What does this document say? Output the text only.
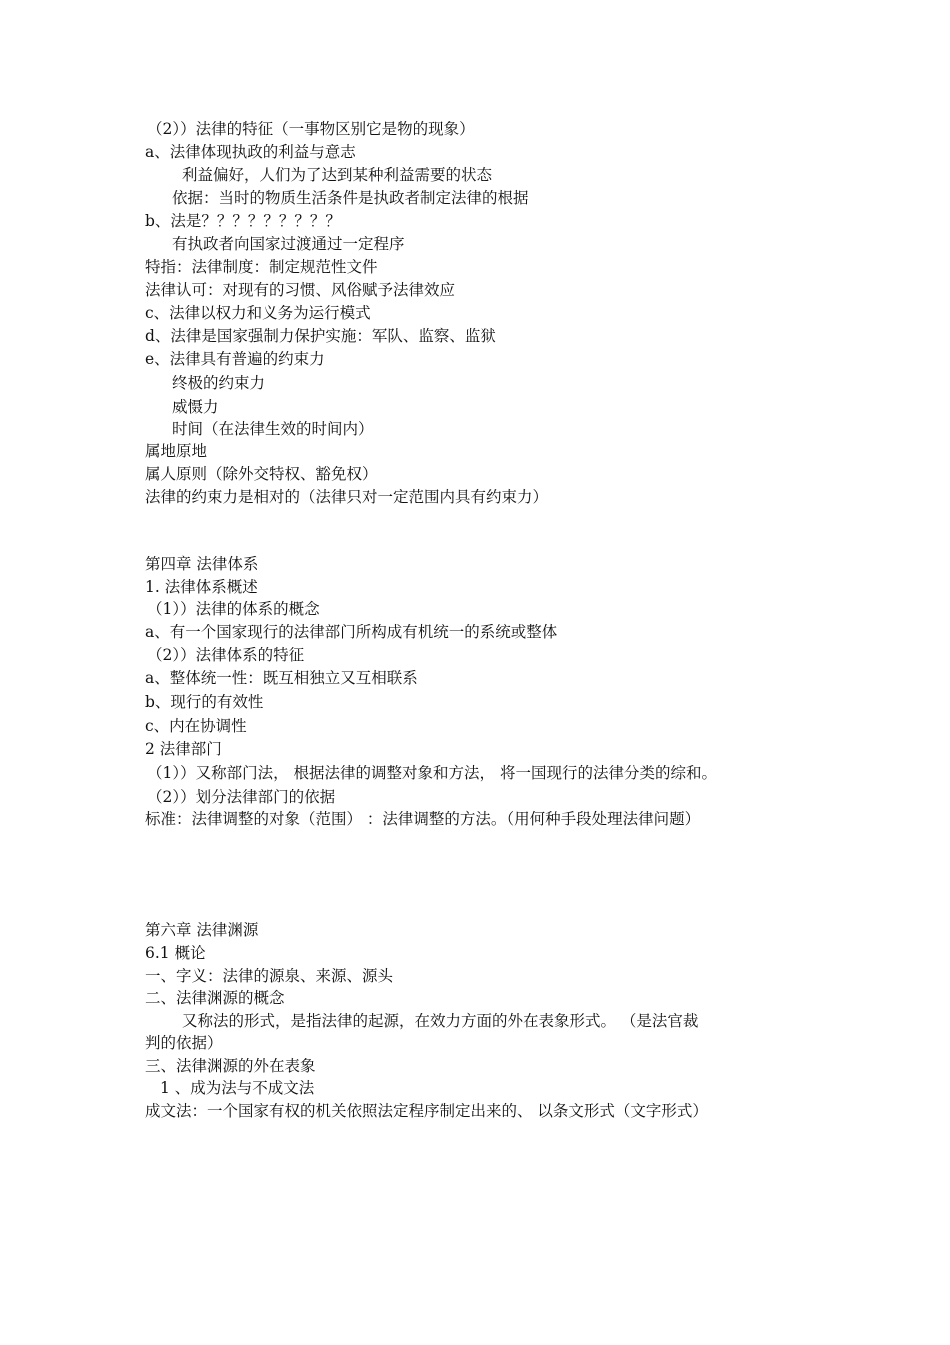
（2））法律的特征（一事物区别它是物的现象）
a、法律体现执政的利益与意志
利益偏好，人们为了达到某种利益需要的状态
依据：当时的物质生活条件是执政者制定法律的根据
b、法是？？？？？？？？？
有执政者向国家过渡通过一定程序
特指：法律制度：制定规范性文件
法律认可：对现有的习惯、风俗赋予法律效应
c、法律以权力和义务为运行模式
d、法律是国家强制力保护实施：军队、监察、监狱
e、法律具有普遍的约束力
终极的约束力
威慑力
时间（在法律生效的时间内）
属地原地
属人原则（除外交特权、豁免权）
法律的约束力是相对的（法律只对一定范围内具有约束力）
第四章 法律体系
1. 法律体系概述
（1））法律的体系的概念
a、有一个国家现行的法律部门所构成有机统一的系统或整体
（2））法律体系的特征
a、整体统一性：既互相独立又互相联系
b、现行的有效性
c、内在协调性
2 法律部门
（1））又称部门法， 根据法律的调整对象和方法， 将一国现行的法律分类的综和。
（2））划分法律部门的依据
标准：法律调整的对象（范围） ：法律调整的方法。（用何种手段处理法律问题）
第六章 法律渊源
6.1 概论
一、字义：法律的源泉、来源、源头
二、法律渊源的概念
又称法的形式，是指法律的起源，在效力方面的外在表象形式。 （是法官裁
判的依据）
三、法律渊源的外在表象
1 、成为法与不成文法
成文法：一个国家有权的机关依照法定程序制定出来的、 以条文形式（文字形式）
